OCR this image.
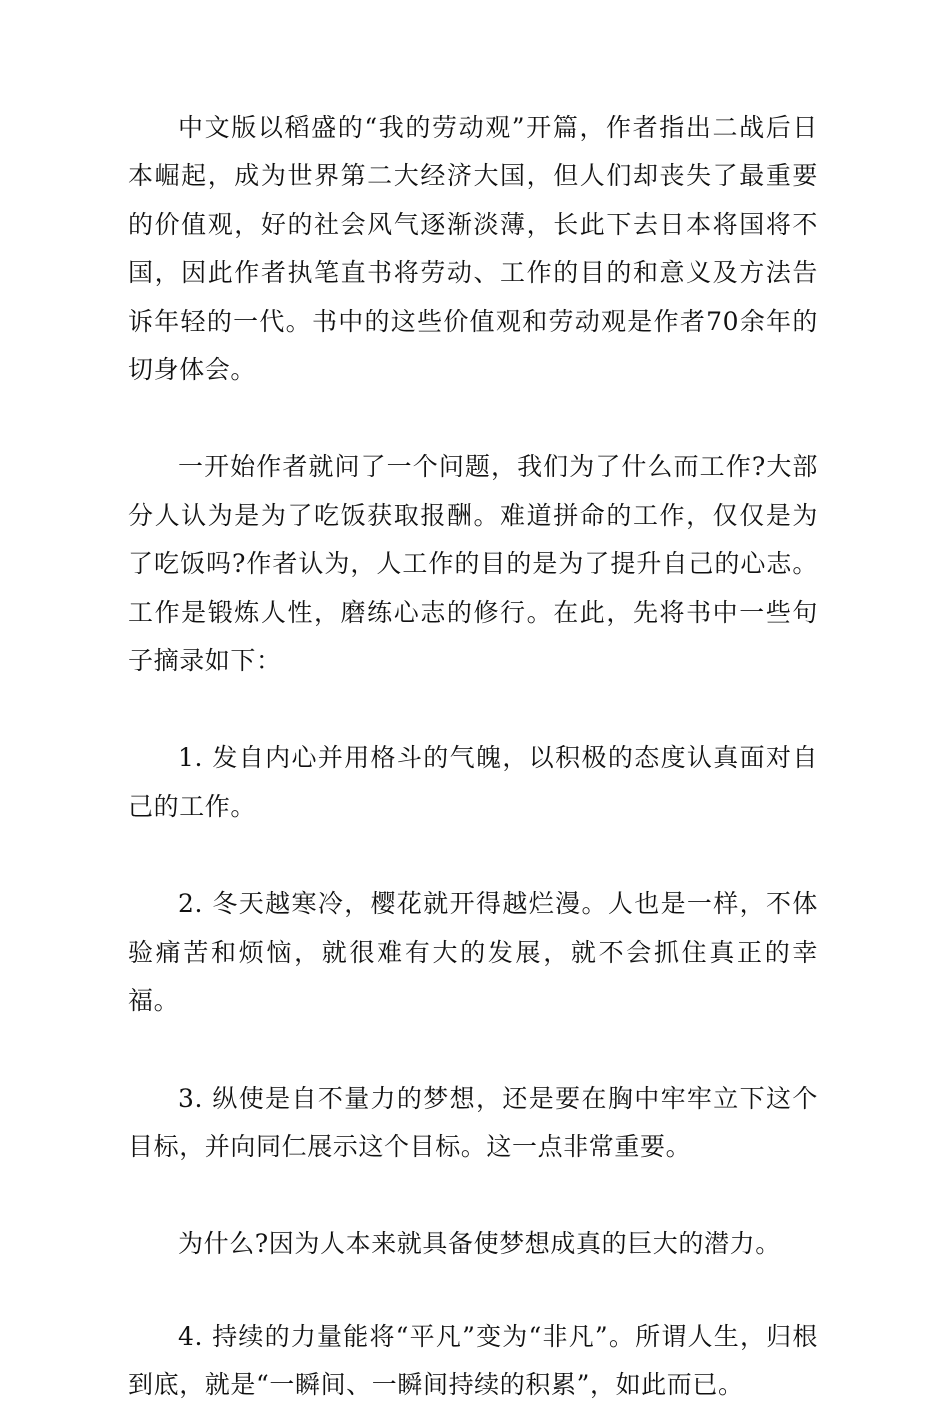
中文版以稻盛的“我的劳动观”开篇，作者指出二战后日本崛起，成为世界第二大经济大国，但人们却丧失了最重要的价值观，好的社会风气逐渐淡薄，长此下去日本将国将不国，因此作者执笔直书将劳动、工作的目的和意义及方法告诉年轻的一代。书中的这些价值观和劳动观是作者70余年的切身体会。

一开始作者就问了一个问题，我们为了什么而工作?大部分人认为是为了吃饭获取报酬。难道拼命的工作，仅仅是为了吃饭吗?作者认为，人工作的目的是为了提升自己的心志。工作是锻炼人性，磨练心志的修行。在此，先将书中一些句子摘录如下：

1. 发自内心并用格斗的气魄，以积极的态度认真面对自己的工作。

2. 冬天越寒冷，樱花就开得越烂漫。人也是一样，不体验痛苦和烦恼，就很难有大的发展，就不会抓住真正的幸福。

3. 纵使是自不量力的梦想，还是要在胸中牢牢立下这个目标，并向同仁展示这个目标。这一点非常重要。

为什么?因为人本来就具备使梦想成真的巨大的潜力。

4. 持续的力量能将“平凡”变为“非凡”。所谓人生，归根到底，就是“一瞬间、一瞬间持续的积累”，如此而已。
